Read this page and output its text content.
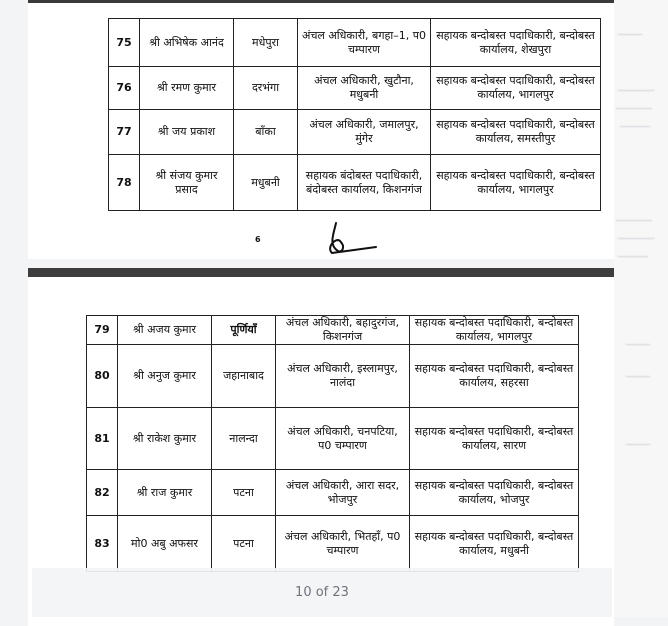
────
──────
──────
─────
──────
──────
─────
────
────
────
75	श्री अभिषेक आनंद	मधेपुरा	अंचल अधिकारी, बगहा–1, प0 चम्पारण	सहायक बन्दोबस्त पदाधिकारी, बन्दोबस्त कार्यालय, शेखपुरा
76	श्री रमण कुमार	दरभंगा	अंचल अधिकारी, खुटौना, मधुबनी	सहायक बन्दोबस्त पदाधिकारी, बन्दोबस्त कार्यालय, भागलपुर
77	श्री जय प्रकाश	बाँका	अंचल अधिकारी, जमालपुर, मुंगेर	सहायक बन्दोबस्त पदाधिकारी, बन्दोबस्त कार्यालय, समस्तीपुर
78	श्री संजय कुमार प्रसाद	मधुबनी	सहायक बंदोबस्त पदाधिकारी, बंदोबस्त कार्यालय, किशनगंज	सहायक बन्दोबस्त पदाधिकारी, बन्दोबस्त कार्यालय, भागलपुर
6
79	श्री अजय कुमार	पूर्णियाँ	अंचल अधिकारी, बहादुरगंज, किशनगंज	सहायक बन्दोबस्त पदाधिकारी, बन्दोबस्त कार्यालय, भागलपुर
80	श्री अनुज कुमार	जहानाबाद	अंचल अधिकारी, इस्लामपुर, नालंदा	सहायक बन्दोबस्त पदाधिकारी, बन्दोबस्त कार्यालय, सहरसा
81	श्री राकेश कुमार	नालन्दा	अंचल अधिकारी, चनपटिया, प0 चम्पारण	सहायक बन्दोबस्त पदाधिकारी, बन्दोबस्त कार्यालय, सारण
82	श्री राज कुमार	पटना	अंचल अधिकारी, आरा सदर, भोजपुर	सहायक बन्दोबस्त पदाधिकारी, बन्दोबस्त कार्यालय, भोजपुर
83	मो0 अबु अफसर	पटना	अंचल अधिकारी, भितहाँ, प0 चम्पारण	सहायक बन्दोबस्त पदाधिकारी, बन्दोबस्त कार्यालय, मधुबनी
10 of 23
